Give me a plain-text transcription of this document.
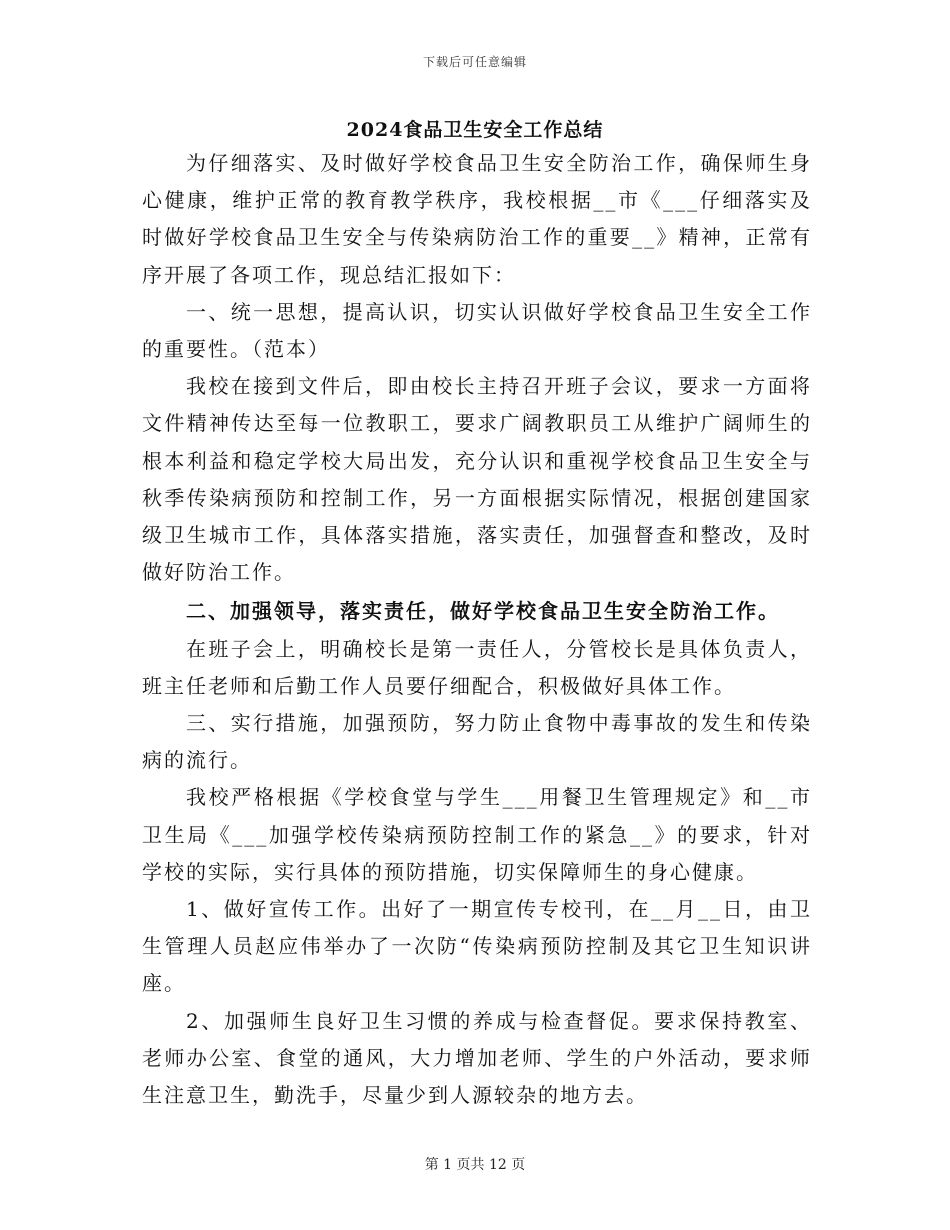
下载后可任意编辑
2024食品卫生安全工作总结

为仔细落实、及时做好学校食品卫生安全防治工作，确保师生身心健康，维护正常的教育教学秩序，我校根据__市《___仔细落实及时做好学校食品卫生安全与传染病防治工作的重要__》精神，正常有序开展了各项工作，现总结汇报如下：

一、统一思想，提高认识，切实认识做好学校食品卫生安全工作的重要性。（范本）

我校在接到文件后，即由校长主持召开班子会议，要求一方面将文件精神传达至每一位教职工，要求广阔教职员工从维护广阔师生的根本利益和稳定学校大局出发，充分认识和重视学校食品卫生安全与秋季传染病预防和控制工作，另一方面根据实际情况，根据创建国家级卫生城市工作，具体落实措施，落实责任，加强督查和整改，及时做好防治工作。

二、加强领导，落实责任，做好学校食品卫生安全防治工作。

在班子会上，明确校长是第一责任人，分管校长是具体负责人，班主任老师和后勤工作人员要仔细配合，积极做好具体工作。

三、实行措施，加强预防，努力防止食物中毒事故的发生和传染病的流行。

我校严格根据《学校食堂与学生___用餐卫生管理规定》和__市卫生局《___加强学校传染病预防控制工作的紧急__》的要求，针对学校的实际，实行具体的预防措施，切实保障师生的身心健康。

1、做好宣传工作。出好了一期宣传专校刊，在__月__日，由卫生管理人员赵应伟举办了一次防“传染病预防控制及其它卫生知识讲座。

2、加强师生良好卫生习惯的养成与检查督促。要求保持教室、老师办公室、食堂的通风，大力增加老师、学生的户外活动，要求师生注意卫生，勤洗手，尽量少到人源较杂的地方去。

第 1 页共 12 页
